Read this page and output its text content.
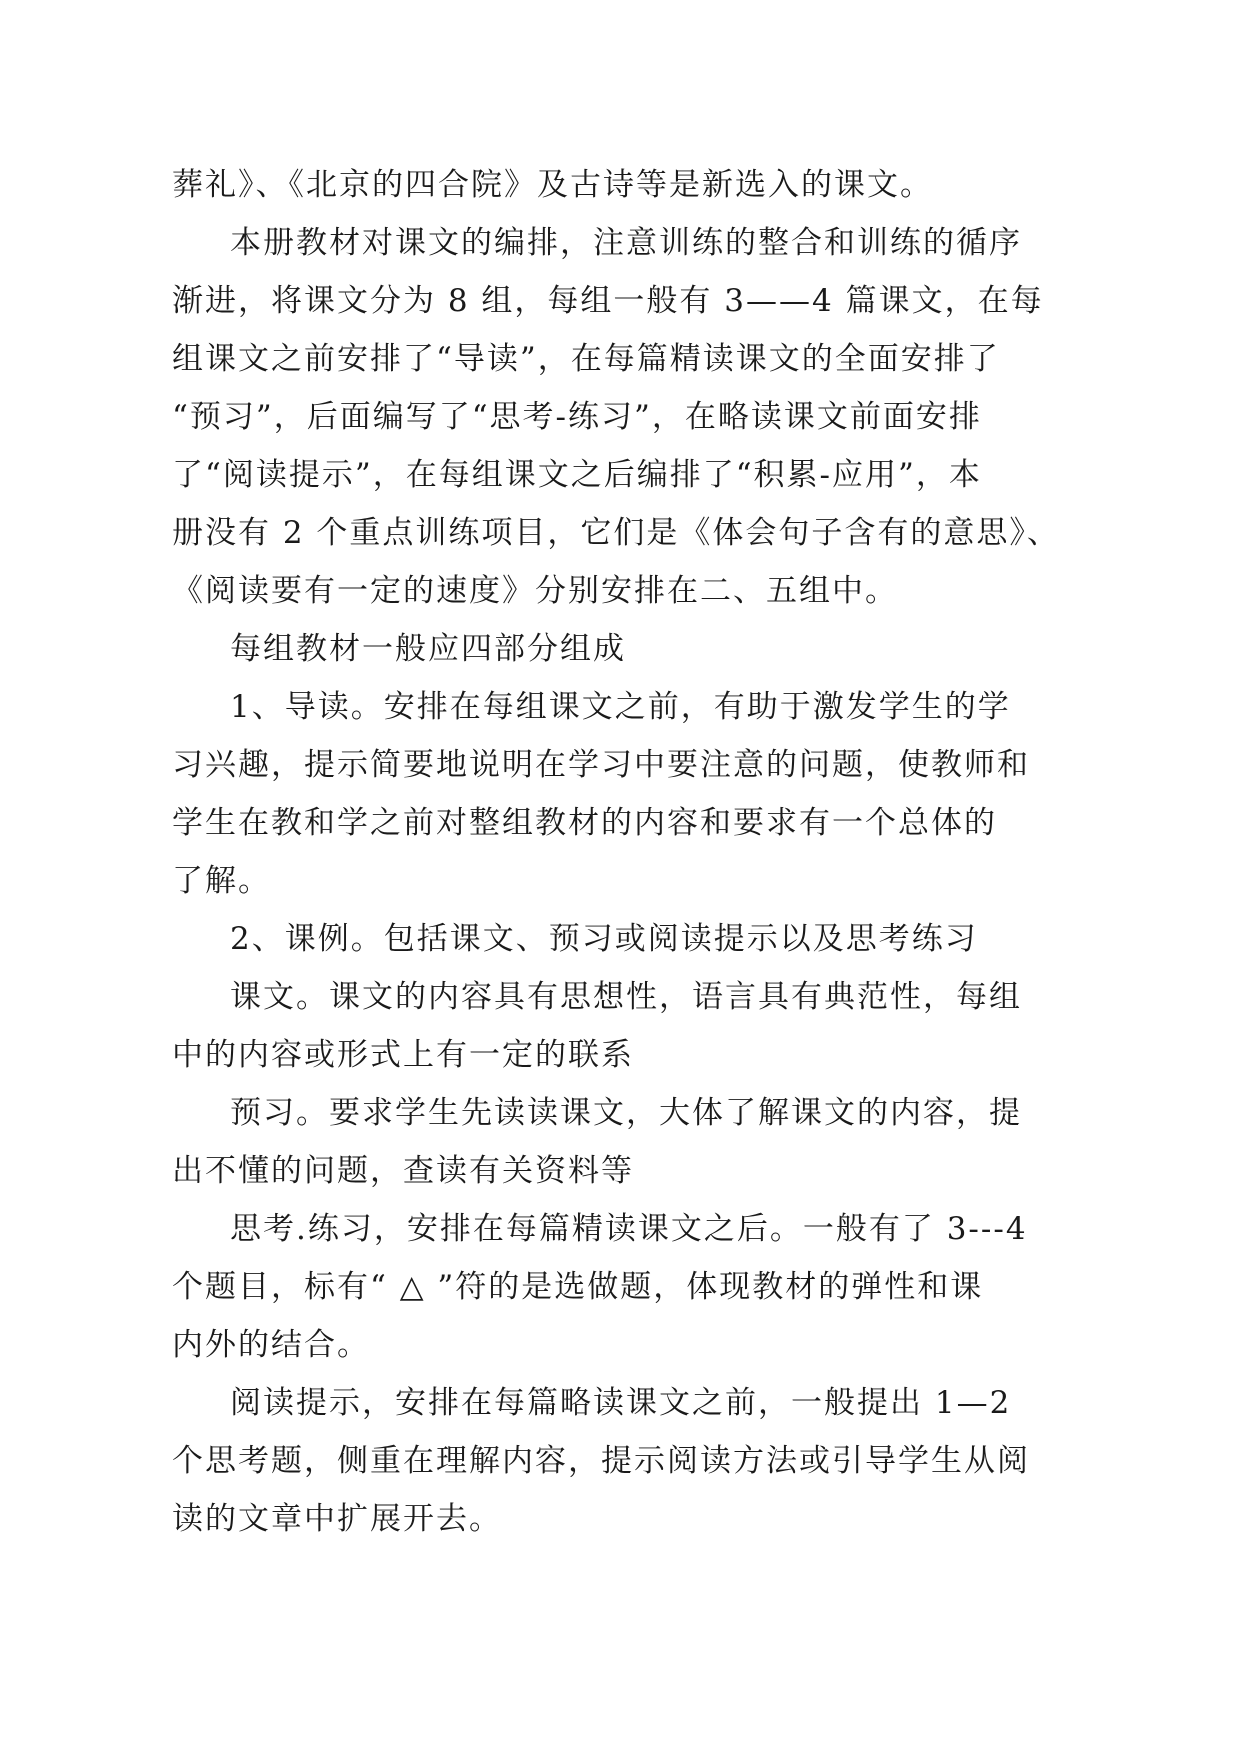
葬礼》、《北京的四合院》及古诗等是新选入的课文。

本册教材对课文的编排，注意训练的整合和训练的循序

渐进，将课文分为 8 组，每组一般有 3——4 篇课文，在每

组课文之前安排了“导读”，在每篇精读课文的全面安排了

“预习”，后面编写了“思考-练习”，在略读课文前面安排

了“阅读提示”，在每组课文之后编排了“积累-应用”，本

册没有 2 个重点训练项目，它们是《体会句子含有的意思》、

《阅读要有一定的速度》分别安排在二、五组中。

每组教材一般应四部分组成

1、导读。安排在每组课文之前，有助于激发学生的学

习兴趣，提示简要地说明在学习中要注意的问题，使教师和

学生在教和学之前对整组教材的内容和要求有一个总体的

了解。

2、课例。包括课文、预习或阅读提示以及思考练习

课文。课文的内容具有思想性，语言具有典范性，每组

中的内容或形式上有一定的联系

预习。要求学生先读读课文，大体了解课文的内容，提

出不懂的问题，查读有关资料等

思考.练习，安排在每篇精读课文之后。一般有了 3---4

个题目，标有“ △ ”符的是选做题，体现教材的弹性和课

内外的结合。

阅读提示，安排在每篇略读课文之前，一般提出 1—2

个思考题，侧重在理解内容，提示阅读方法或引导学生从阅

读的文章中扩展开去。
